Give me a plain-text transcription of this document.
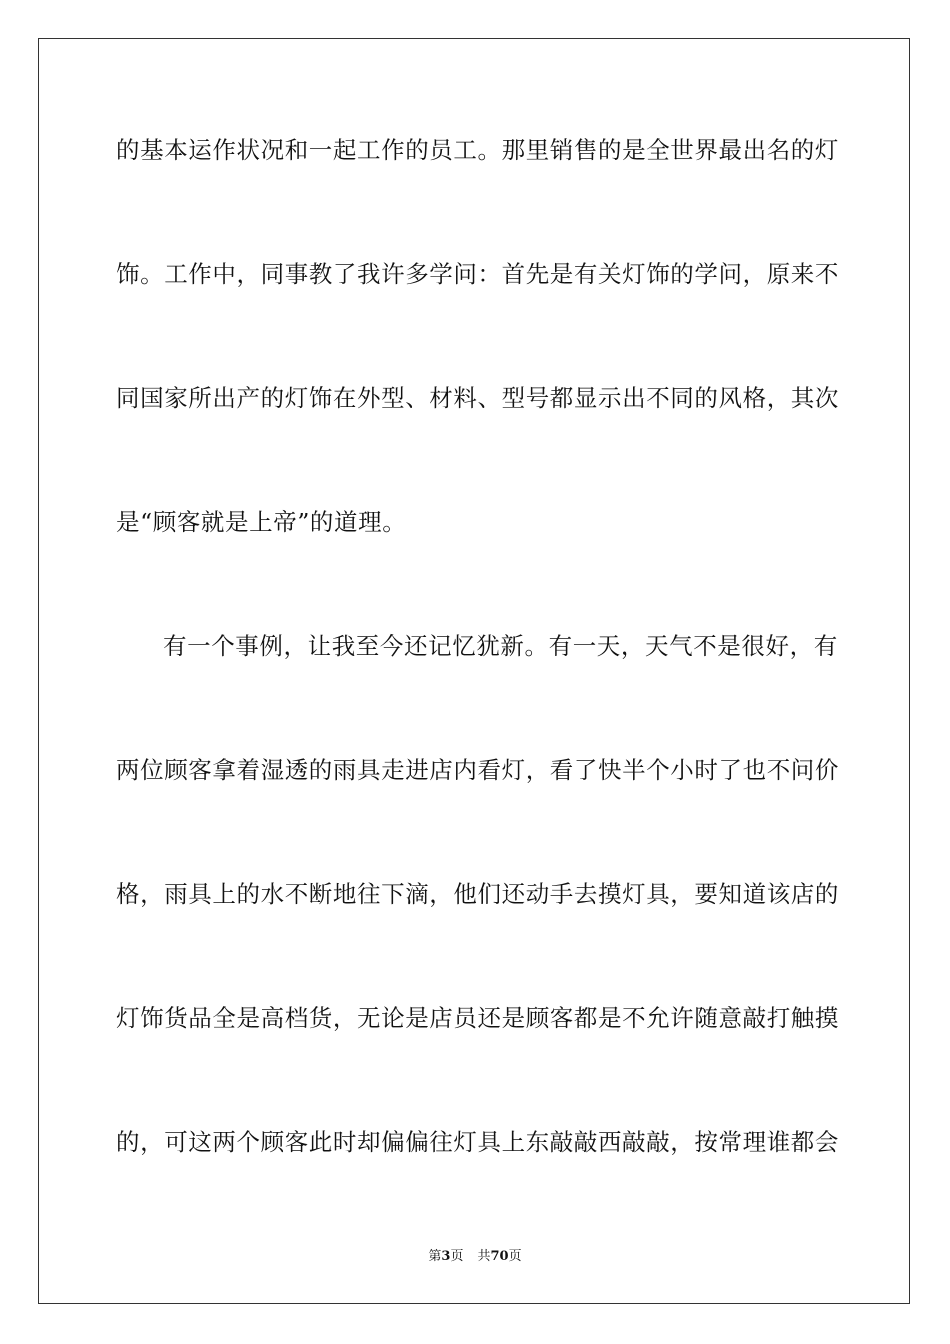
的基本运作状况和一起工作的员工。那里销售的是全世界最出名的灯
饰。工作中，同事教了我许多学问：首先是有关灯饰的学问，原来不
同国家所出产的灯饰在外型、材料、型号都显示出不同的风格，其次
是“顾客就是上帝”的道理。
有一个事例，让我至今还记忆犹新。有一天，天气不是很好，有
两位顾客拿着湿透的雨具走进店内看灯，看了快半个小时了也不问价
格，雨具上的水不断地往下滴，他们还动手去摸灯具，要知道该店的
灯饰货品全是高档货，无论是店员还是顾客都是不允许随意敲打触摸
的，可这两个顾客此时却偏偏往灯具上东敲敲西敲敲，按常理谁都会
第3页 共70页
